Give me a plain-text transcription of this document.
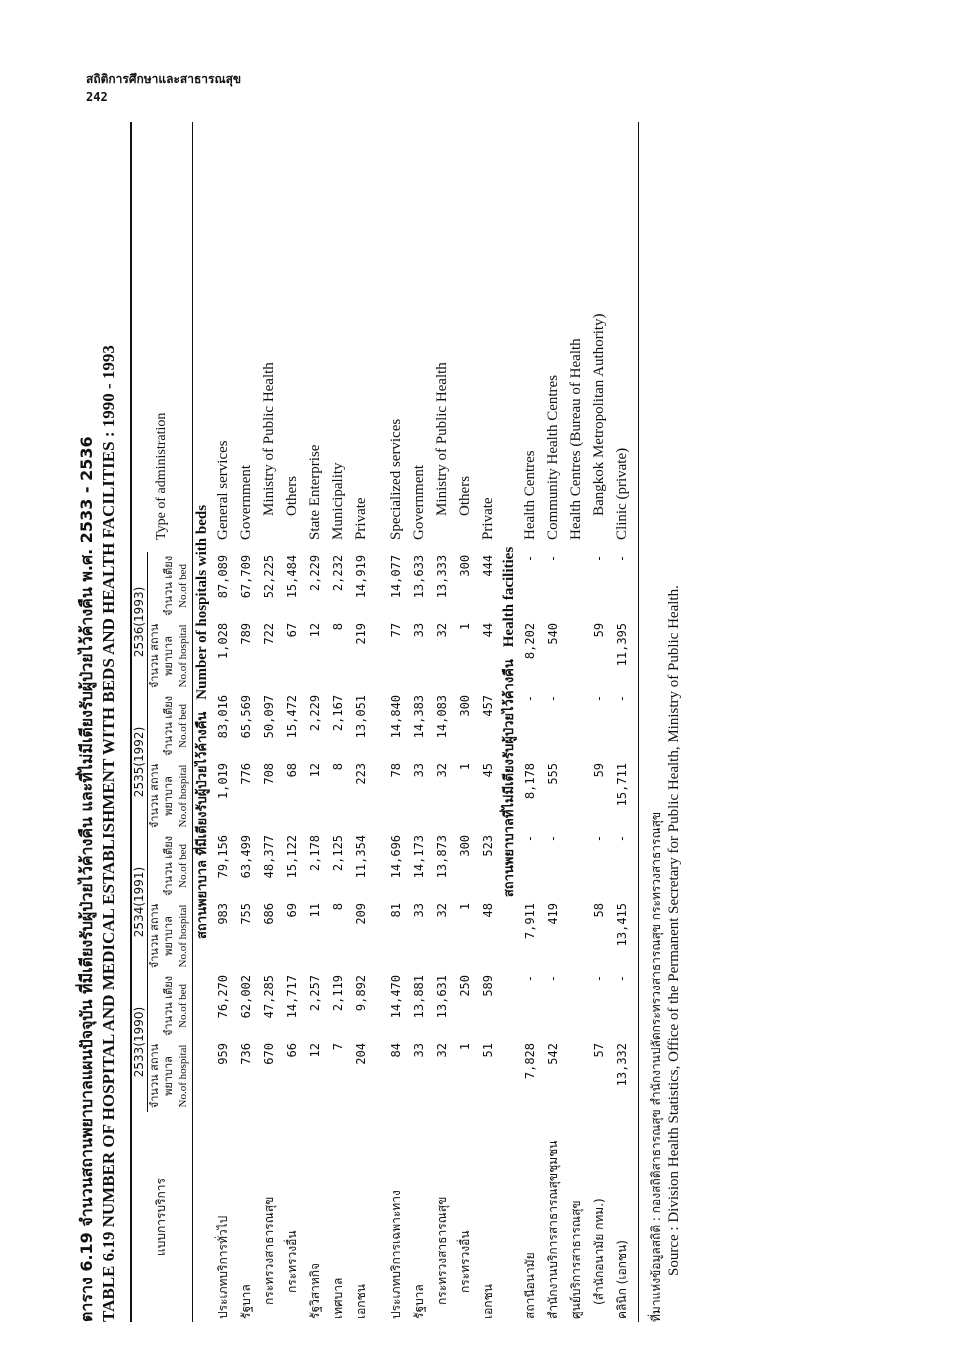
สถิติการศึกษาและสาธารณสุข
242
ตาราง 6.19 จำนวนสถานพยาบาลแผนปัจจุบัน ที่มีเตียงรับผู้ป่วยไว้ค้างคืน และที่ไม่มีเตียงรับผู้ป่วยไว้ค้างคืน พ.ศ. 2533 - 2536 TABLE 6.19 NUMBER OF HOSPITAL AND MEDICAL ESTABLISHMENT WITH BEDS AND HEALTH FACILITIES : 1990 - 1993	แบบการบริการ	2533(1990)		2534(1991)		2535(1992)		2536(1993)		Type of administration

	จำนวน สถานพยาบาล No.of hospital	จำนวน เตียง No.of bed	จำนวน สถานพยาบาล No.of hospital	จำนวน เตียง No.of bed	จำนวน สถานพยาบาล No.of hospital	จำนวน เตียง No.of bed	จำนวน สถานพยาบาล No.of hospital	จำนวน เตียง No.of bed	

สถานพยาบาล ที่มีเตียงรับผู้ป่วยไว้ค้างคืนNumber of hospitals with beds									
ประเภทบริการทั่วไป	959	76,270	983	79,156	1,019	83,016	1,028	87,089	General services
รัฐบาล	736	62,002	755	63,499	776	65,569	789	67,709	Government
กระทรวงสาธารณสุข	670	47,285	686	48,377	708	50,097	722	52,225	Ministry of Public Health
กระทรวงอื่น	66	14,717	69	15,122	68	15,472	67	15,484	Others
รัฐวิสาหกิจ	12	2,257	11	2,178	12	2,229	12	2,229	State Enterprise
เทศบาล	7	2,119	8	2,125	8	2,167	8	2,232	Municipality
เอกชน	204	9,892	209	11,354	223	13,051	219	14,919	Private

ประเภทบริการเฉพาะทาง	84	14,470	81	14,696	78	14,840	77	14,077	Specialized services
รัฐบาล	33	13,881	33	14,173	33	14,383	33	13,633	Government
กระทรวงสาธารณสุข	32	13,631	32	13,873	32	14,083	32	13,333	Ministry of Public Health
กระทรวงอื่น	1	250	1	300	1	300	1	300	Others
เอกชน	51	589	48	523	45	457	44	444	Private
สถานพยาบาลที่ไม่มีเตียงรับผู้ป่วยไว้ค้างคืนHealth facilities									
สถานีอนามัย	7,828	-	7,911	-	8,178	-	8,202	-	Health Centres
สำนักงานบริการสาธารณสุขชุมชน	542	-	419	-	555	-	540	-	Community Health Centres
ศูนย์บริการสาธารณสุข									Health Centres (Bureau of Health
(สำนักอนามัย กทม.)	57	-	58	-	59	-	59	-	Bangkok Metropolitan Authority)
คลินิก (เอกชน)	13,332	-	13,415	-	15,711	-	11,395	-	Clinic (private)
ที่มาแห่งข้อมูลสถิติ : กองสถิติสาธารณสุข สำนักงานปลัดกระทรวงสาธารณสุข กระทรวงสาธารณสุข Source : Division Health Statistics, Office of the Permanent Secretary for Public Health, Ministry of Public Health.
